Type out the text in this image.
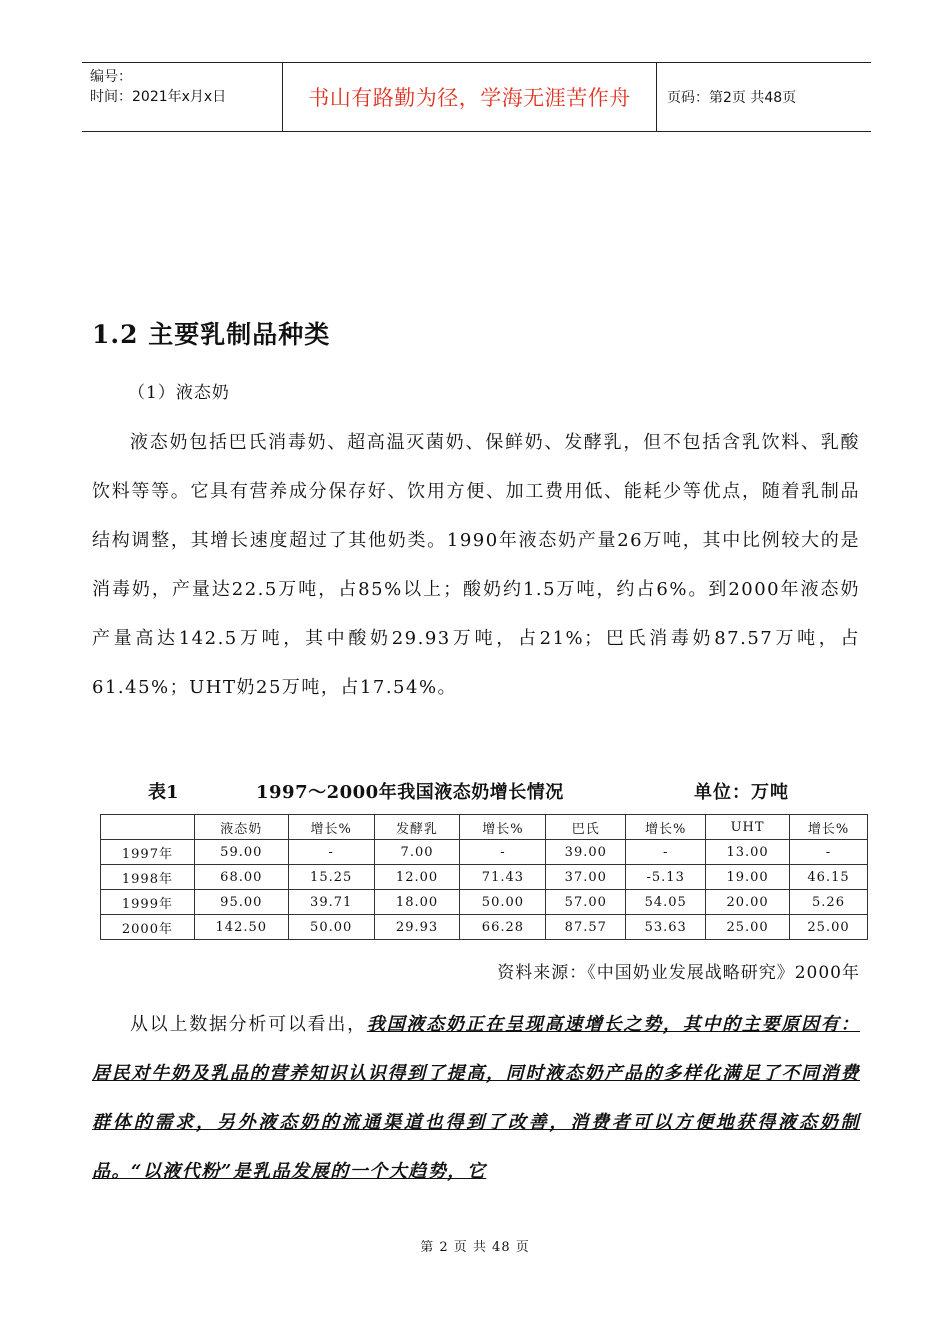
编号：
时间：2021年x月x日	书山有路勤为径，学海无涯苦作舟	页码：第2页 共48页
1.2 主要乳制品种类
（1）液态奶

液态奶包括巴氏消毒奶、超高温灭菌奶、保鲜奶、发酵乳，但不包括含乳饮料、乳酸饮料等等。它具有营养成分保存好、饮用方便、加工费用低、能耗少等优点，随着乳制品结构调整，其增长速度超过了其他奶类。1990年液态奶产量26万吨，其中比例较大的是消毒奶，产量达22.5万吨，占85%以上；酸奶约1.5万吨，约占6%。到2000年液态奶产量高达142.5万吨，其中酸奶29.93万吨，占21%；巴氏消毒奶87.57万吨，占61.45%；UHT奶25万吨，占17.54%。

表1	1997～2000年我国液态奶增长情况	单位：万吨
	液态奶	增长%	发酵乳	增长%	巴氏	增长%	UHT	增长%
1997年	59.00	-	7.00	-	39.00	-	13.00	-
1998年	68.00	15.25	12.00	71.43	37.00	-5.13	19.00	46.15
1999年	95.00	39.71	18.00	50.00	57.00	54.05	20.00	5.26
2000年	142.50	50.00	29.93	66.28	87.57	53.63	25.00	25.00
资料来源：《中国奶业发展战略研究》2000年

从以上数据分析可以看出，我国液态奶正在呈现高速增长之势，其中的主要原因有：居民对牛奶及乳品的营养知识认识得到了提高，同时液态奶产品的多样化满足了不同消费群体的需求，另外液态奶的流通渠道也得到了改善，消费者可以方便地获得液态奶制品。“以液代粉”是乳品发展的一个大趋势，它

第 2 页 共 48 页
